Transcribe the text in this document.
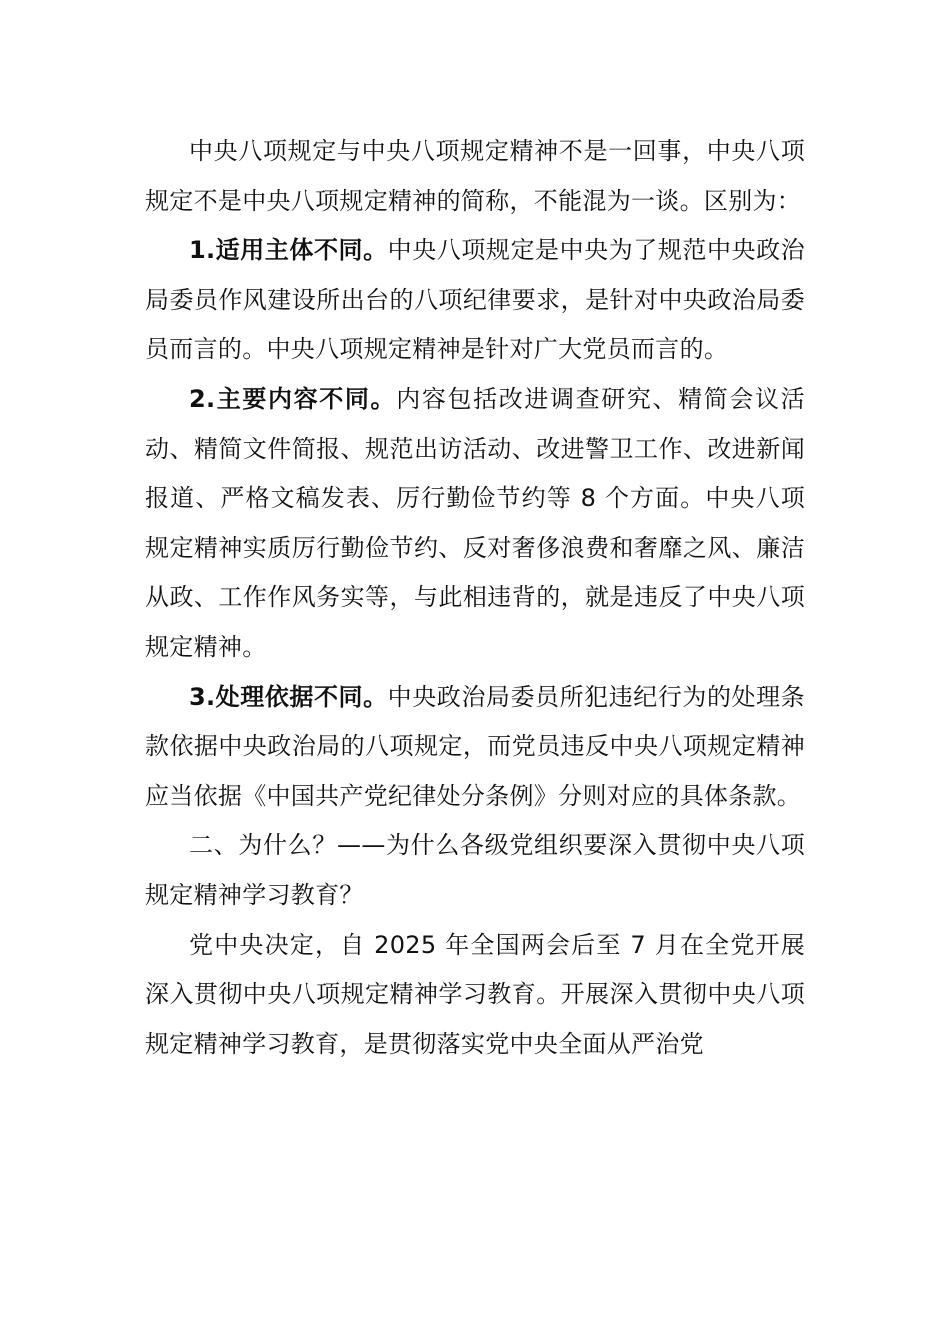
中央八项规定与中央八项规定精神不是一回事，中央八项规定不是中央八项规定精神的简称，不能混为一谈。区别为：

1.适用主体不同。中央八项规定是中央为了规范中央政治局委员作风建设所出台的八项纪律要求，是针对中央政治局委员而言的。中央八项规定精神是针对广大党员而言的。

2.主要内容不同。内容包括改进调查研究、精简会议活动、精简文件简报、规范出访活动、改进警卫工作、改进新闻报道、严格文稿发表、厉行勤俭节约等 8 个方面。中央八项规定精神实质厉行勤俭节约、反对奢侈浪费和奢靡之风、廉洁从政、工作作风务实等，与此相违背的，就是违反了中央八项规定精神。

3.处理依据不同。中央政治局委员所犯违纪行为的处理条款依据中央政治局的八项规定，而党员违反中央八项规定精神应当依据《中国共产党纪律处分条例》分则对应的具体条款。

二、为什么？——为什么各级党组织要深入贯彻中央八项规定精神学习教育？

党中央决定，自 2025 年全国两会后至 7 月在全党开展深入贯彻中央八项规定精神学习教育。开展深入贯彻中央八项规定精神学习教育，是贯彻落实党中央全面从严治党
